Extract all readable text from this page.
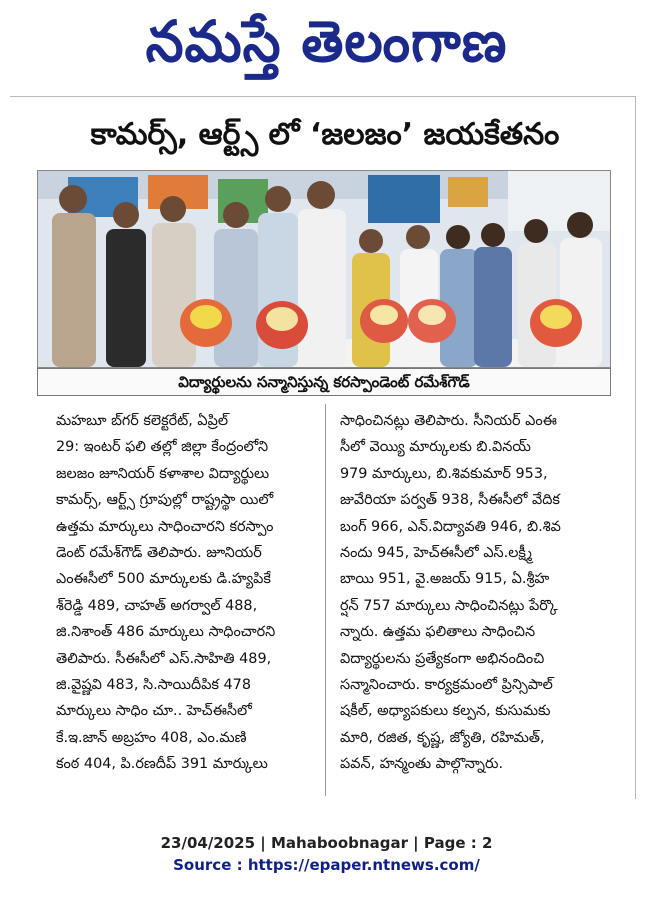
నమస్తే తెలంగాణ
కామర్స్, ఆర్ట్స్ లో ‘జలజం’ జయకేతనం
విద్యార్థులను సన్మానిస్తున్న కరస్పాండెంట్ రమేశ్‌గౌడ్
మహబూ బ్‌గర్ కలెక్టరేట్, ఏప్రిల్
29: ఇంటర్ ఫలి తల్లో జిల్లా కేంద్రంలోని
జలజం జూనియర్ కళాశాల విద్యార్థులు
కామర్స్, ఆర్ట్స్ గ్రూపుల్లో రాష్ట్రస్థా యిలో
ఉత్తమ మార్కులు సాధించారని కరస్పాం
డెంట్ రమేశ్‌గౌడ్ తెలిపారు. జూనియర్
ఎంఈసీలో 500 మార్కులకు డి.హ్యపికే
శ్‌రెడ్డి 489, చాహత్ అగర్వాల్ 488,
జి.నిశాంత్ 486 మార్కులు సాధించారని
తెలిపారు. సీఈసీలో ఎస్.సాహితి 489,
జి.వైష్ణవి 483, సి.సాయిదీపిక 478
మార్కులు సాధిం చూ.. హెచ్ఈసీలో
కే.ఇ.జాన్ అబ్రహం 408, ఎం.మణి
కంఠ 404, పి.రణదీప్ 391 మార్కులు
సాధించినట్లు తెలిపారు. సీనియర్ ఎంఈ
సీలో వెయ్యి మార్కులకు బి.వినయ్
979 మార్కులు, బి.శివకుమార్ 953,
జువేరియా పర్వత్ 938, సీఈసీలో వేదిక
బంగ్ 966, ఎన్.విద్యావతి 946, బి.శివ
నందు 945, హెచ్ఈసీలో ఎస్.లక్ష్మీ
బాయి 951, వై.అజయ్ 915, ఏ.శ్రీహ
ర్షన్ 757 మార్కులు సాధించినట్లు పేర్కొ
న్నారు. ఉత్తమ ఫలితాలు సాధించిన
విద్యార్థులను ప్రత్యేకంగా అభినందించి
సన్మానించారు. కార్యక్రమంలో ప్రిన్సిపాల్
షకీల్, అధ్యాపకులు కల్పన, కుసుమకు
మారి, రజిత, కృష్ణ, జ్యోతి, రహిమత్,
పవన్, హన్మంతు పాల్గొన్నారు.
23/04/2025 | Mahaboobnagar | Page : 2
Source : https://epaper.ntnews.com/
